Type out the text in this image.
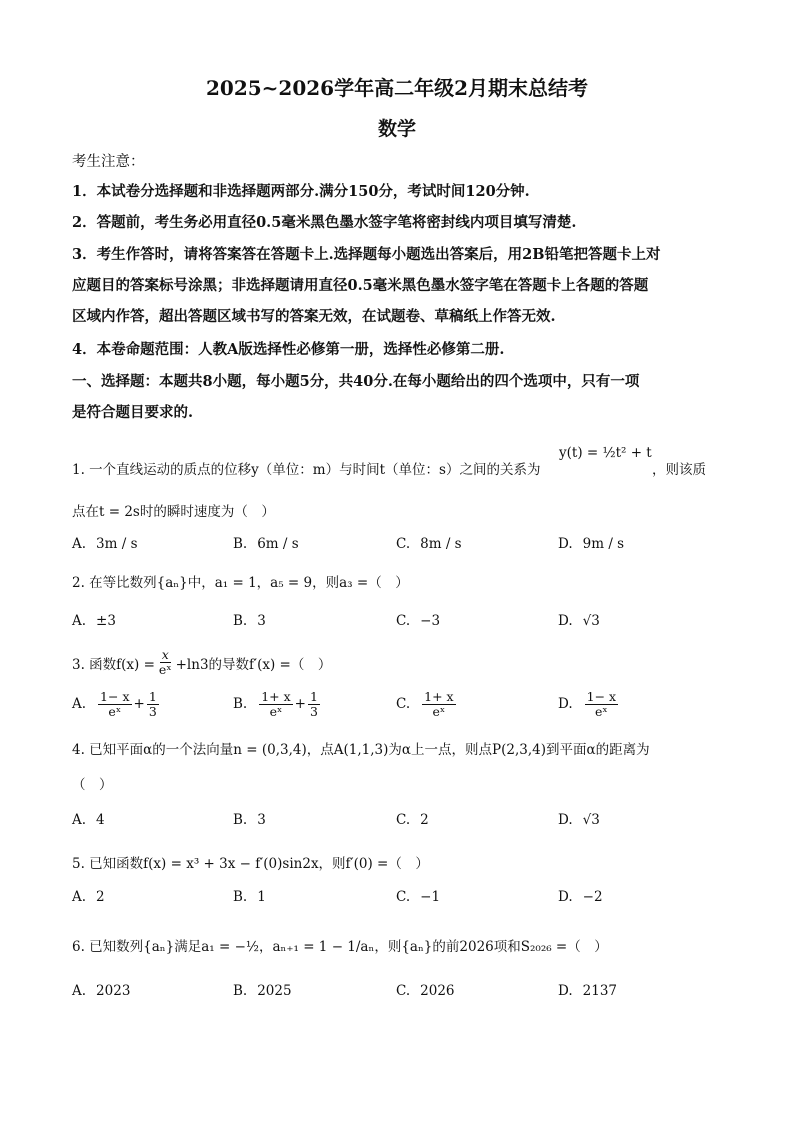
2025~2026学年高二年级2月期末总结考
数学
考生注意：
1．本试卷分选择题和非选择题两部分.满分150分，考试时间120分钟.
2．答题前，考生务必用直径0.5毫米黑色墨水签字笔将密封线内项目填写清楚.
3．考生作答时，请将答案答在答题卡上.选择题每小题选出答案后，用2B铅笔把答题卡上对
应题目的答案标号涂黑；非选择题请用直径0.5毫米黑色墨水签字笔在答题卡上各题的答题
区域内作答，超出答题区域书写的答案无效，在试题卷、草稿纸上作答无效.
4．本卷命题范围：人教A版选择性必修第一册，选择性必修第二册.
一、选择题：本题共8小题，每小题5分，共40分.在每小题给出的四个选项中，只有一项
是符合题目要求的.
1. 一个直线运动的质点的位移y（单位：m）与时间t（单位：s）之间的关系为
y(t) = ½t² + t
，则该质
点在t = 2s时的瞬时速度为（　）
A. 3m / s	B. 6m / s	C. 8m / s	D. 9m / s
2. 在等比数列{aₙ}中，a₁ = 1，a₅ = 9，则a₃ =（　）
A. ±3	B. 3	C. −3	D. √3
3. 函数$f(x) = \frac{x}{\text{eˣ}} +\ln 3$的导数f′(x) =（　）
A. $\frac{1- x}{\text{eˣ}} + \frac{1}{3}$	B. $\frac{1+ x}{\text{eˣ}} + \frac{1}{3}$	C. $\frac{1+ x}{\text{eˣ}}$	D. $\frac{1- x}{\text{eˣ}}$
4. 已知平面α的一个法向量n = (0,3,4)，点A(1,1,3)为α上一点，则点P(2,3,4)到平面α的距离为
（　）
A. 4	B. 3	C. 2	D. √3
5. 已知函数f(x) = x³ + 3x − f′(0)sin2x，则f′(0) =（　）
A. 2	B. 1	C. −1	D. −2
6. 已知数列{aₙ}满足a₁ = −½，aₙ₊₁ = 1 − 1/aₙ，则{aₙ}的前2026项和S₂₀₂₆ =（　）
A. 2023	B. 2025	C. 2026	D. 2137
